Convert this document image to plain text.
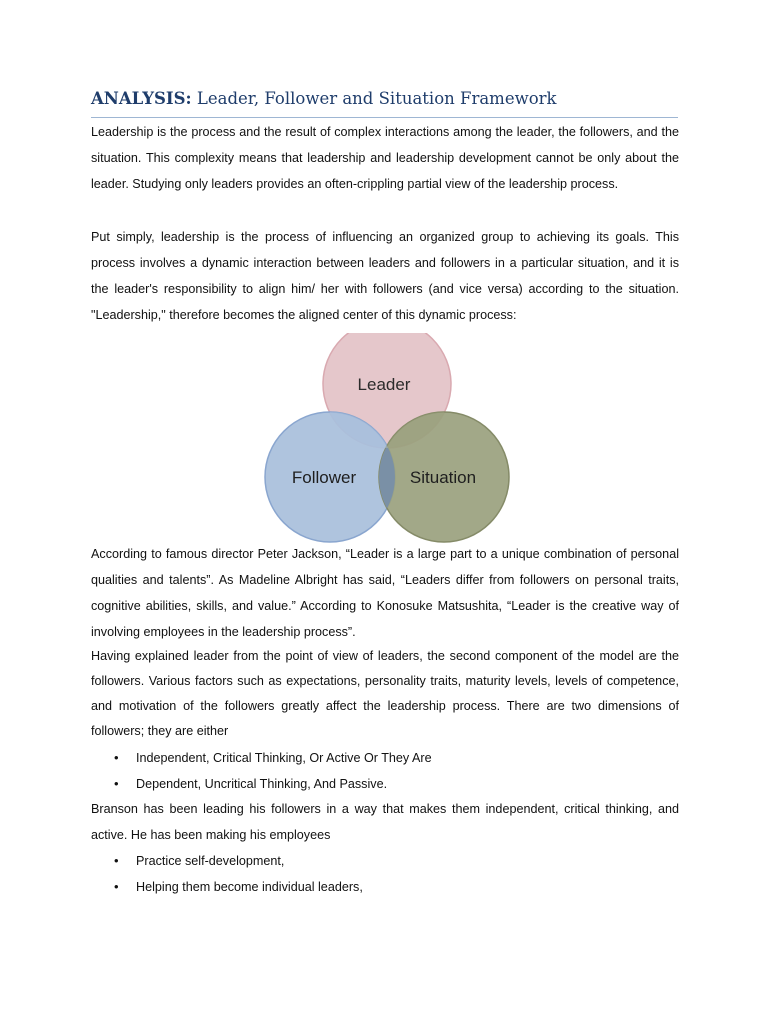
ANALYSIS: Leader, Follower and Situation Framework

Leadership is the process and the result of complex interactions among the leader, the followers, and the situation. This complexity means that leadership and leadership development cannot be only about the leader. Studying only leaders provides an often-crippling partial view of the leadership process.

Put simply, leadership is the process of influencing an organized group to achieving its goals. This process involves a dynamic interaction between leaders and followers in a particular situation, and it is the leader's responsibility to align him/ her with followers (and vice versa) according to the situation. "Leadership," therefore becomes the aligned center of this dynamic process:

Leader
Follower	Situation

According to famous director Peter Jackson, “Leader is a large part to a unique combination of personal qualities and talents”. As Madeline Albright has said, “Leaders differ from followers on personal traits, cognitive abilities, skills, and value.” According to Konosuke Matsushita, “Leader is the creative way of involving employees in the leadership process”.

Having explained leader from the point of view of leaders, the second component of the model are the followers. Various factors such as expectations, personality traits, maturity levels, levels of competence, and motivation of the followers greatly affect the leadership process. There are two dimensions of followers; they are either

• Independent, Critical Thinking, Or Active Or They Are
• Dependent, Uncritical Thinking, And Passive.

Branson has been leading his followers in a way that makes them independent, critical thinking, and active. He has been making his employees

• Practice self-development,
• Helping them become individual leaders,
